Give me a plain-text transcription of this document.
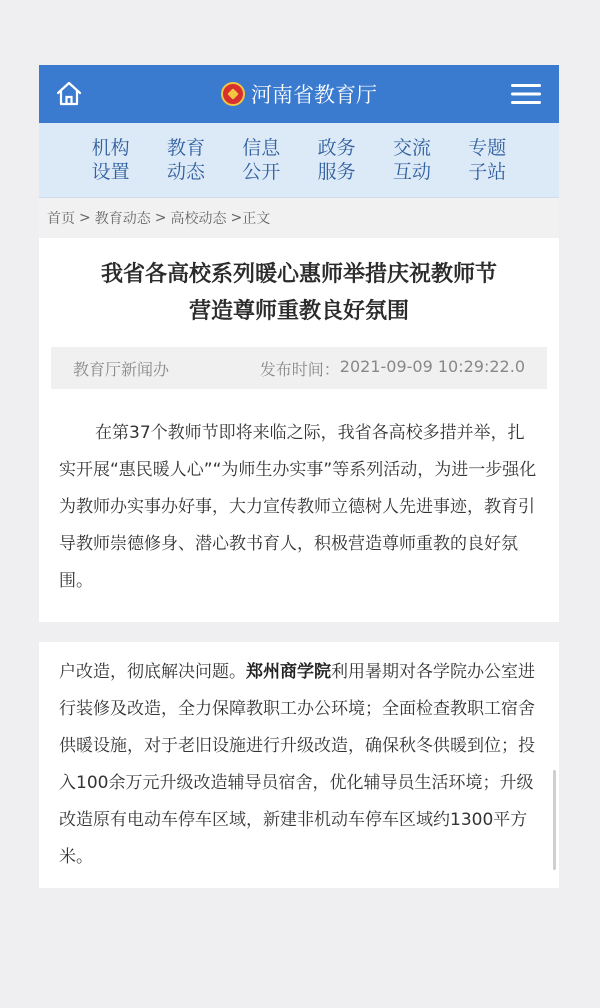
河南省教育厅
机构
设置
教育
动态
信息
公开
政务
服务
交流
互动
专题
子站
首页 > 教育动态 > 高校动态 > 正文
我省各高校系列暖心惠师举措庆祝教师节
营造尊师重教良好氛围
教育厅新闻办	发布时间： 2021-09-09 10:29:22.0

在第37个教师节即将来临之际，我省各高校多措并举，扎实开展“惠民暖人心”“为师生办实事”等系列活动，为进一步强化为教师办实事办好事，大力宣传教师立德树人先进事迹，教育引导教师崇德修身、潜心教书育人，积极营造尊师重教的良好氛围。

户改造，彻底解决问题。郑州商学院利用暑期对各学院办公室进行装修及改造，全力保障教职工办公环境；全面检查教职工宿舍供暖设施，对于老旧设施进行升级改造，确保秋冬供暖到位；投入100余万元升级改造辅导员宿舍，优化辅导员生活环境；升级改造原有电动车停车区域，新建非机动车停车区域约1300平方米。
